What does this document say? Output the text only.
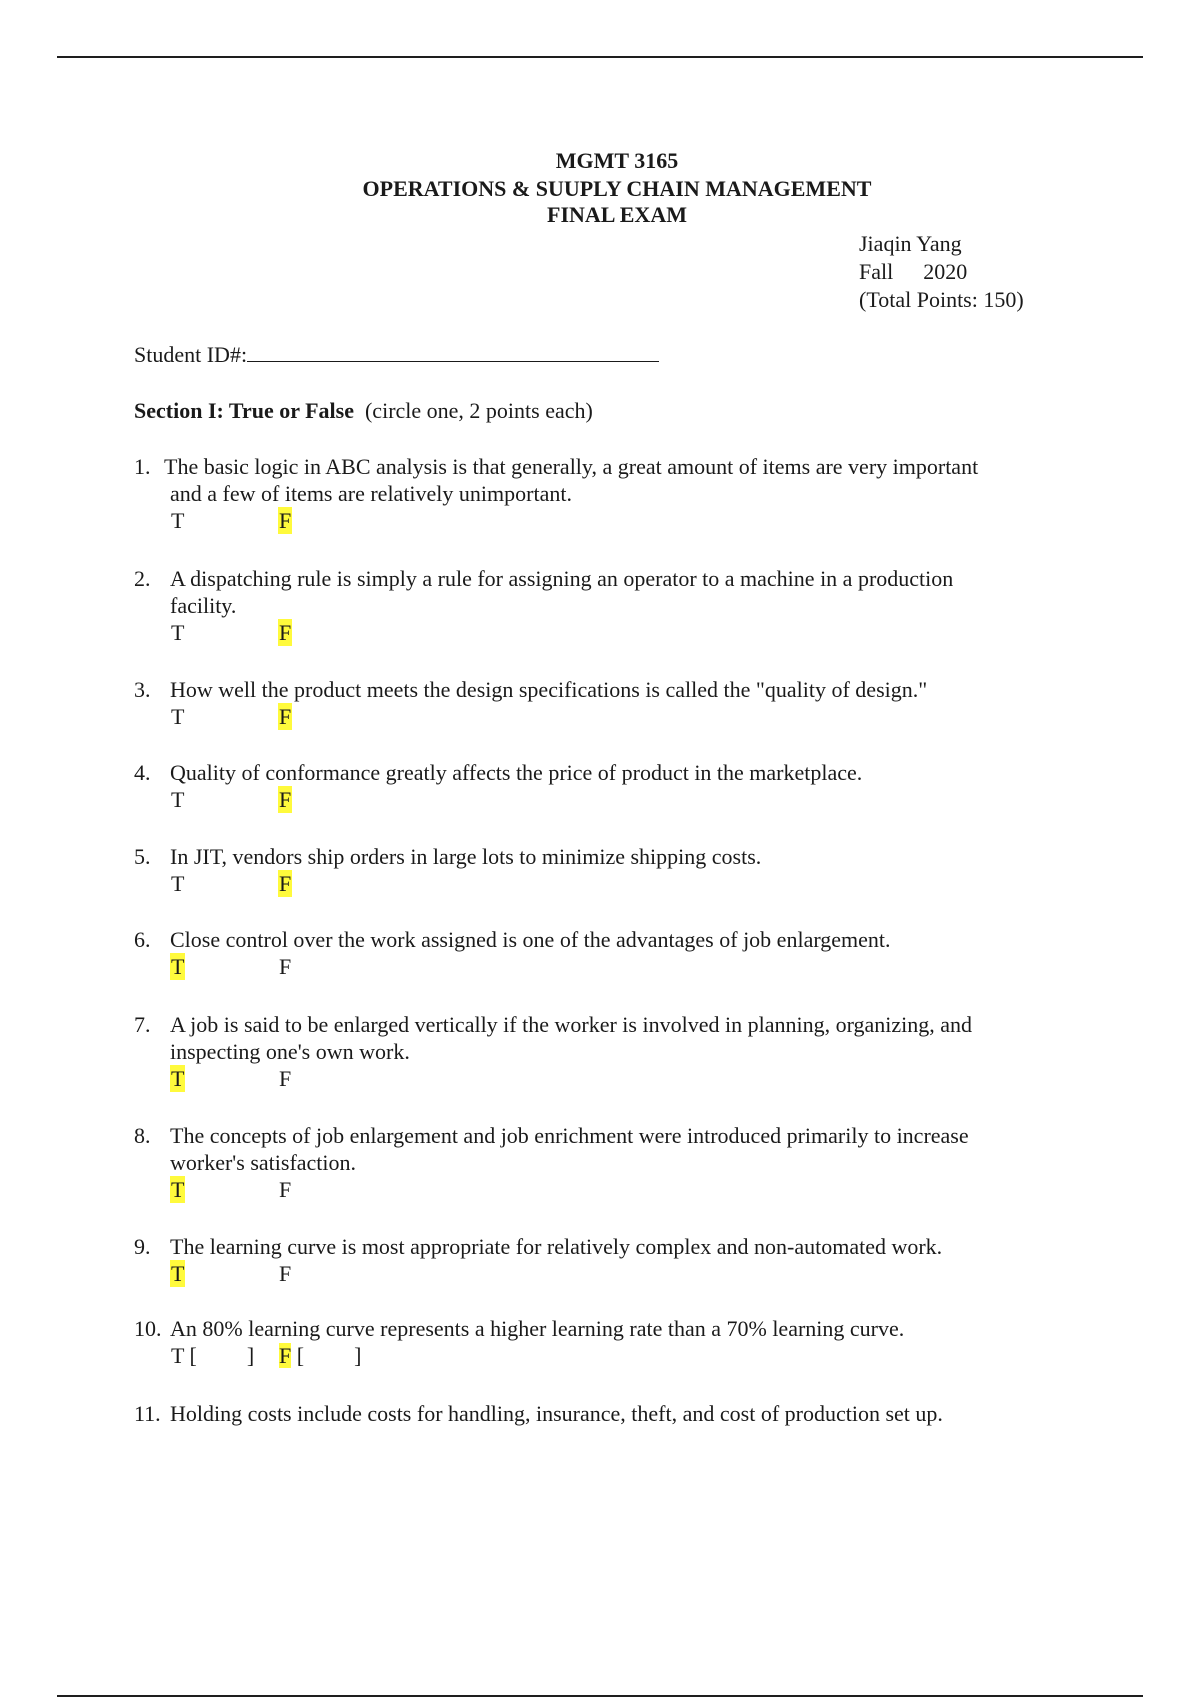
MGMT 3165
OPERATIONS & SUUPLY CHAIN MANAGEMENT
FINAL EXAM
Jiaqin Yang
Fall 2020
(Total Points: 150)
Student ID#:
Section I: True or False (circle one, 2 points each)
1. The basic logic in ABC analysis is that generally, a great amount of items are very important
and a few of items are relatively unimportant.
T	F
2. A dispatching rule is simply a rule for assigning an operator to a machine in a production
facility.
T	F
3. How well the product meets the design specifications is called the "quality of design."
T	F
4. Quality of conformance greatly affects the price of product in the marketplace.
T	F
5. In JIT, vendors ship orders in large lots to minimize shipping costs.
T	F
6. Close control over the work assigned is one of the advantages of job enlargement.
T	F
7. A job is said to be enlarged vertically if the worker is involved in planning, organizing, and
inspecting one's own work.
T	F
8. The concepts of job enlargement and job enrichment were introduced primarily to increase
worker's satisfaction.
T	F
9. The learning curve is most appropriate for relatively complex and non-automated work.
T	F
10. An 80% learning curve represents a higher learning rate than a 70% learning curve.
T [ ] F [ ]
11. Holding costs include costs for handling, insurance, theft, and cost of production set up.
